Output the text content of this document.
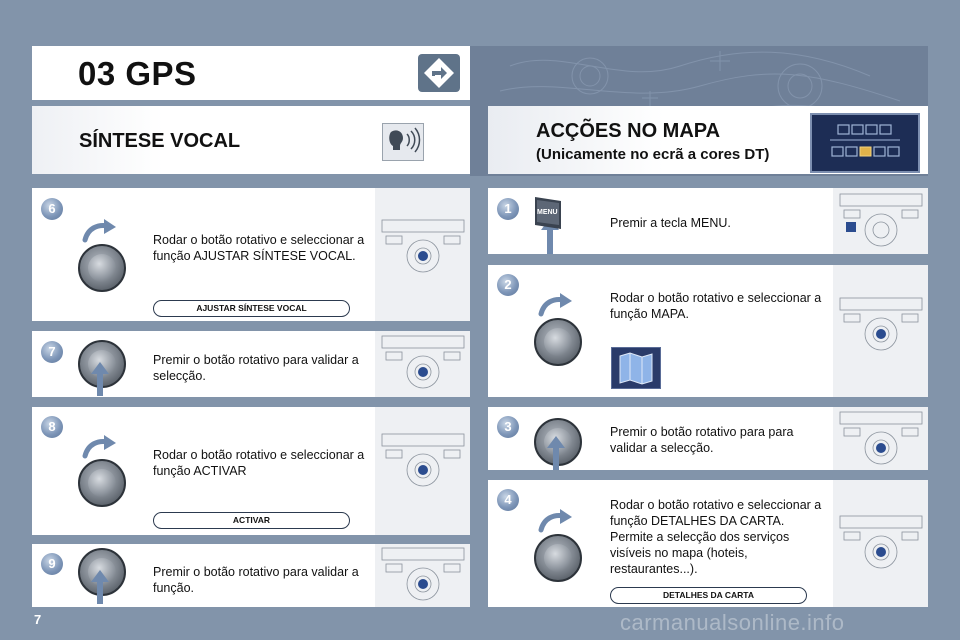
03 GPS
ACÇÕES NO MAPA
(Unicamente no ecrã a cores DT)
SÍNTESE VOCAL
6
Rodar o botão rotativo e seleccionar a função AJUSTAR SÍNTESE VOCAL.
AJUSTAR SÍNTESE VOCAL
7
Premir o botão rotativo para validar a selecção.
8
Rodar o botão rotativo e seleccionar a função ACTIVAR
ACTIVAR
9
Premir o botão rotativo para validar a função.
1
Premir a tecla MENU.
2
Rodar o botão rotativo e seleccionar a função MAPA.
3	Premir o botão rotativo para para validar a selecção.
4	Rodar o botão rotativo e seleccionar a função DETALHES DA CARTA. Permite a selecção dos serviços visíveis no mapa (hoteis, restaurantes...).
DETALHES DA CARTA
MENU
7	carmanualsonline.info
